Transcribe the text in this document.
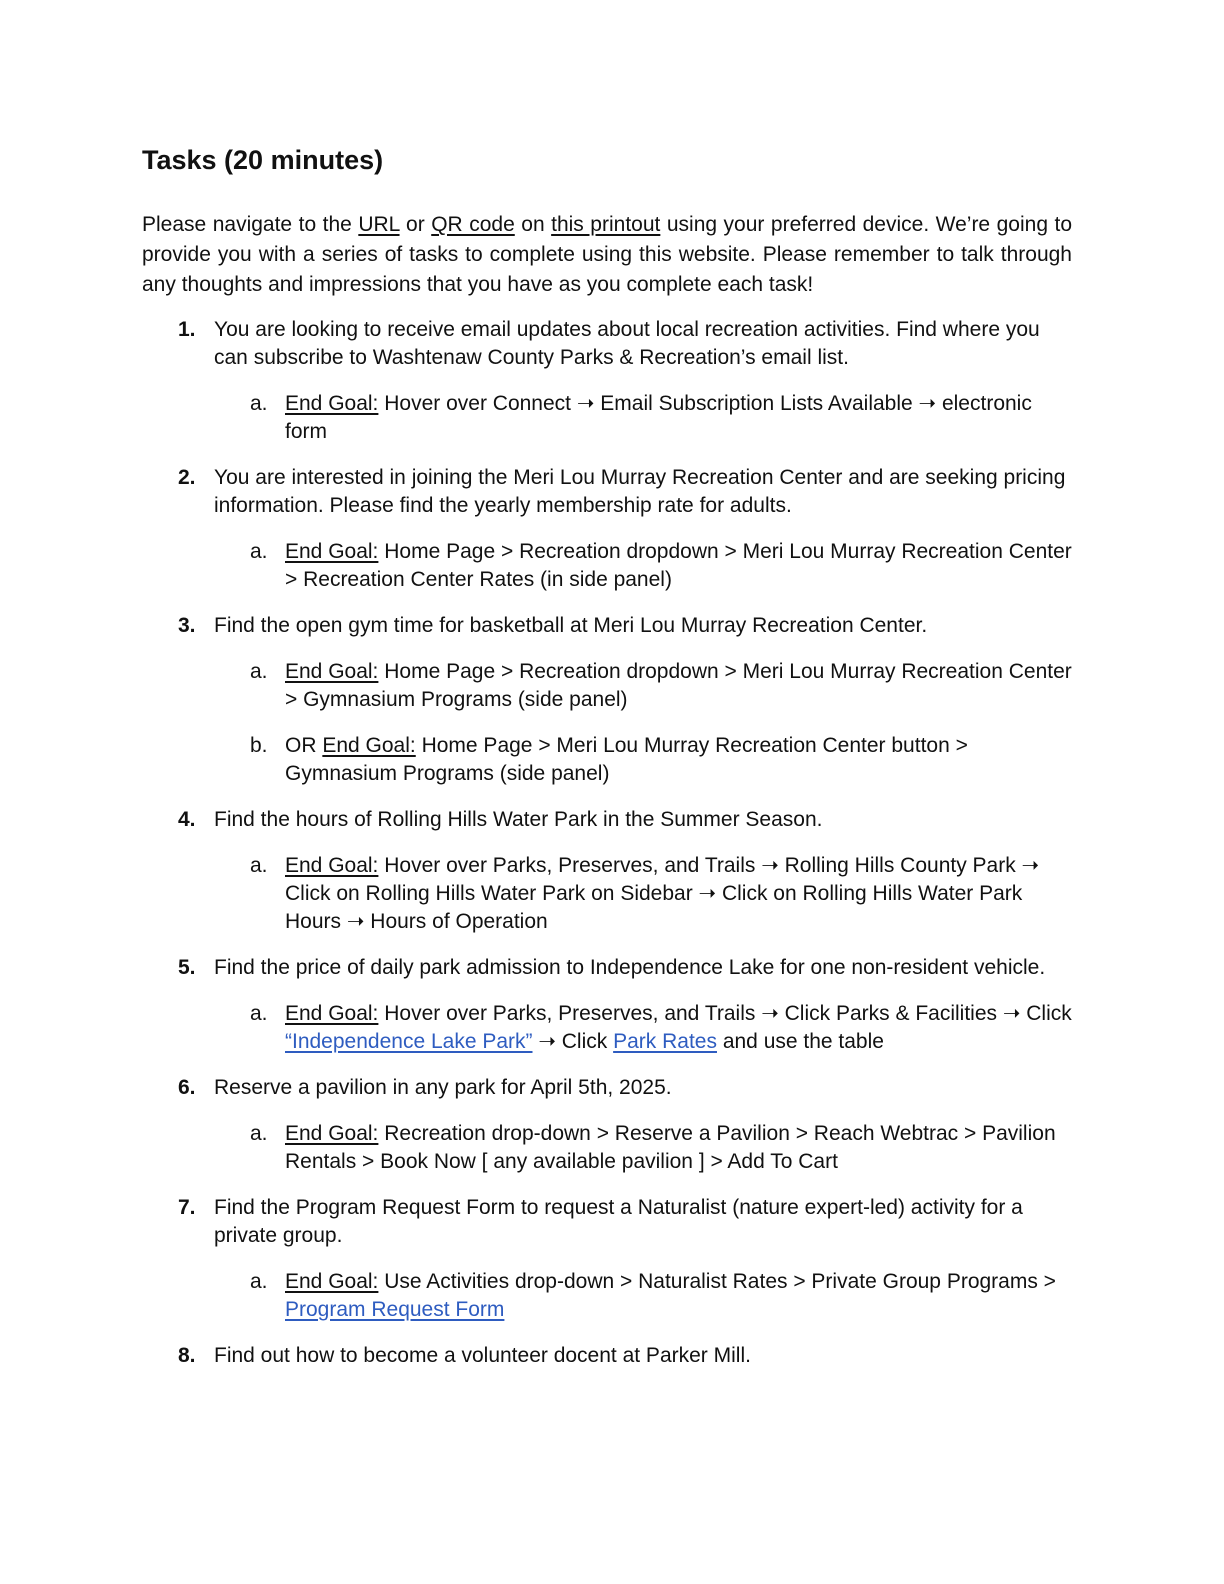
Tasks (20 minutes)

Please navigate to the URL or QR code on this printout using your preferred device. We’re going to provide you with a series of tasks to complete using this website. Please remember to talk through any thoughts and impressions that you have as you complete each task!

1. You are looking to receive email updates about local recreation activities. Find where you can subscribe to Washtenaw County Parks & Recreation’s email list.
a. End Goal: Hover over Connect ➝ Email Subscription Lists Available ➝ electronic form
2. You are interested in joining the Meri Lou Murray Recreation Center and are seeking pricing information. Please find the yearly membership rate for adults.
a. End Goal: Home Page > Recreation dropdown > Meri Lou Murray Recreation Center > Recreation Center Rates (in side panel)
3. Find the open gym time for basketball at Meri Lou Murray Recreation Center.
a. End Goal: Home Page > Recreation dropdown > Meri Lou Murray Recreation Center > Gymnasium Programs (side panel)
b. OR End Goal: Home Page > Meri Lou Murray Recreation Center button > Gymnasium Programs (side panel)
4. Find the hours of Rolling Hills Water Park in the Summer Season.
a. End Goal: Hover over Parks, Preserves, and Trails ➝ Rolling Hills County Park ➝ Click on Rolling Hills Water Park on Sidebar ➝ Click on Rolling Hills Water Park Hours ➝ Hours of Operation
5. Find the price of daily park admission to Independence Lake for one non-resident vehicle.
a. End Goal: Hover over Parks, Preserves, and Trails ➝ Click Parks & Facilities ➝ Click “Independence Lake Park” ➝ Click Park Rates and use the table
6. Reserve a pavilion in any park for April 5th, 2025.
a. End Goal: Recreation drop-down > Reserve a Pavilion > Reach Webtrac > Pavilion Rentals > Book Now [ any available pavilion ] > Add To Cart
7. Find the Program Request Form to request a Naturalist (nature expert-led) activity for a private group.
a. End Goal: Use Activities drop-down > Naturalist Rates > Private Group Programs > Program Request Form
8. Find out how to become a volunteer docent at Parker Mill.
